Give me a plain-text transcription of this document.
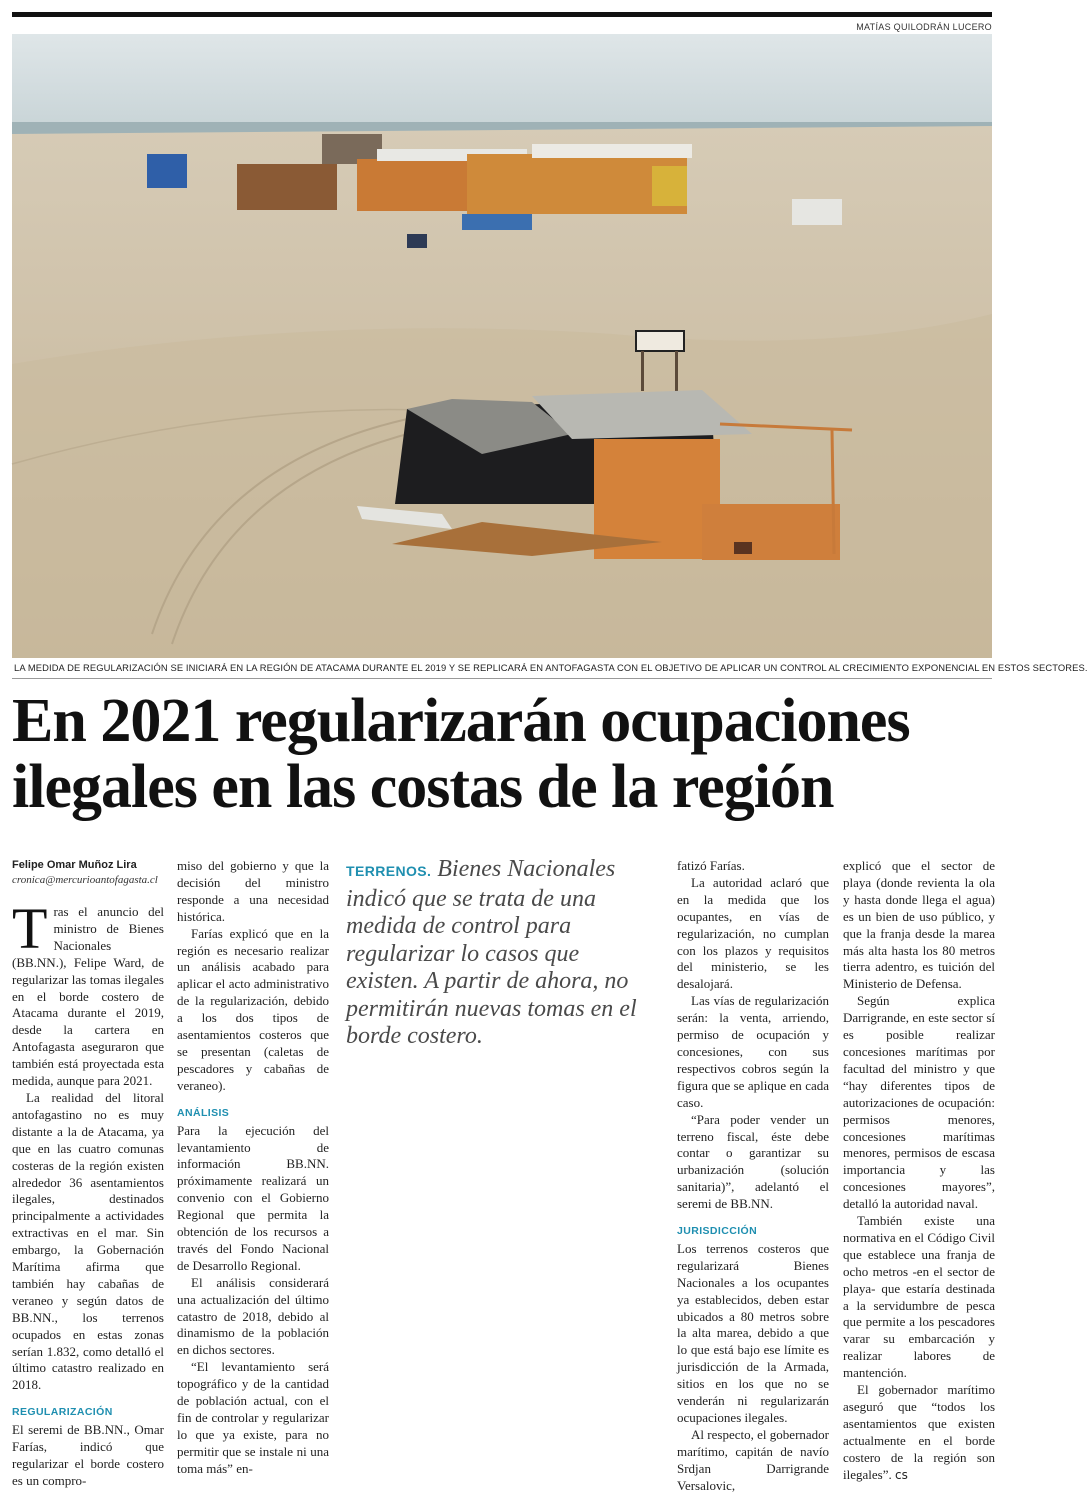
MATÍAS QUILODRÁN LUCERO
LA MEDIDA DE REGULARIZACIÓN SE INICIARÁ EN LA REGIÓN DE ATACAMA DURANTE EL 2019 Y SE REPLICARÁ EN ANTOFAGASTA CON EL OBJETIVO DE APLICAR UN CONTROL AL CRECIMIENTO EXPONENCIAL EN ESTOS SECTORES.
En 2021 regularizarán ocupaciones
ilegales en las costas de la región
Felipe Omar Muñoz Lira
cronica@mercurioantofagasta.cl
T ras el anuncio del ministro de Bienes Nacionales (BB.NN.), Felipe Ward, de regularizar las tomas ilegales en el borde costero de Atacama durante el 2019, desde la cartera en Antofagasta aseguraron que también está proyectada esta medida, aunque para 2021.

La realidad del litoral antofagastino no es muy distante a la de Atacama, ya que en las cuatro comunas costeras de la región existen alrededor 36 asentamientos ilegales, destinados principalmente a actividades extractivas en el mar. Sin embargo, la Gobernación Marítima afirma que también hay cabañas de veraneo y según datos de BB.NN., los terrenos ocupados en estas zonas serían 1.832, como detalló el último catastro realizado en 2018.

REGULARIZACIÓN

El seremi de BB.NN., Omar Farías, indicó que regularizar el borde costero es un compro-

miso del gobierno y que la decisión del ministro responde a una necesidad histórica.

Farías explicó que en la región es necesario realizar un análisis acabado para aplicar el acto administrativo de la regularización, debido a los dos tipos de asentamientos costeros que se presentan (caletas de pescadores y cabañas de veraneo).

ANÁLISIS

Para la ejecución del levantamiento de información BB.NN. próximamente realizará un convenio con el Gobierno Regional que permita la obtención de los recursos a través del Fondo Nacional de Desarrollo Regional.

El análisis considerará una actualización del último catastro de 2018, debido al dinamismo de la población en dichos sectores.

“El levantamiento será topográfico y de la cantidad de población actual, con el fin de controlar y regularizar lo que ya existe, para no permitir que se instale ni una toma más” en-

TERRENOS. Bienes Nacionales indicó que se trata de una medida de control para regularizar lo casos que existen. A partir de ahora, no permitirán nuevas tomas en el borde costero.

fatizó Farías.

La autoridad aclaró que en la medida que los ocupantes, en vías de regularización, no cumplan con los plazos y requisitos del ministerio, se les desalojará.

Las vías de regularización serán: la venta, arriendo, permiso de ocupación y concesiones, con sus respectivos cobros según la figura que se aplique en cada caso.

“Para poder vender un terreno fiscal, éste debe contar o garantizar su urbanización (solución sanitaria)”, adelantó el seremi de BB.NN.

JURISDICCIÓN

Los terrenos costeros que regularizará Bienes Nacionales a los ocupantes ya establecidos, deben estar ubicados a 80 metros sobre la alta marea, debido a que lo que está bajo ese límite es jurisdicción de la Armada, sitios en los que no se venderán ni regularizarán ocupaciones ilegales.

Al respecto, el gobernador marítimo, capitán de navío Srdjan Darrigrande Versalovic,

explicó que el sector de playa (donde revienta la ola y hasta donde llega el agua) es un bien de uso público, y que la franja desde la marea más alta hasta los 80 metros tierra adentro, es tuición del Ministerio de Defensa.

Según explica Darrigrande, en este sector sí es posible realizar concesiones marítimas por facultad del ministro y que “hay diferentes tipos de autorizaciones de ocupación: permisos menores, concesiones marítimas menores, permisos de escasa importancia y las concesiones mayores”, detalló la autoridad naval.

También existe una normativa en el Código Civil que establece una franja de ocho metros -en el sector de playa- que estaría destinada a la servidumbre de pesca que permite a los pescadores varar su embarcación y realizar labores de mantención.

El gobernador marítimo aseguró que “todos los asentamientos que existen actualmente en el borde costero de la región son ilegales”. cs
